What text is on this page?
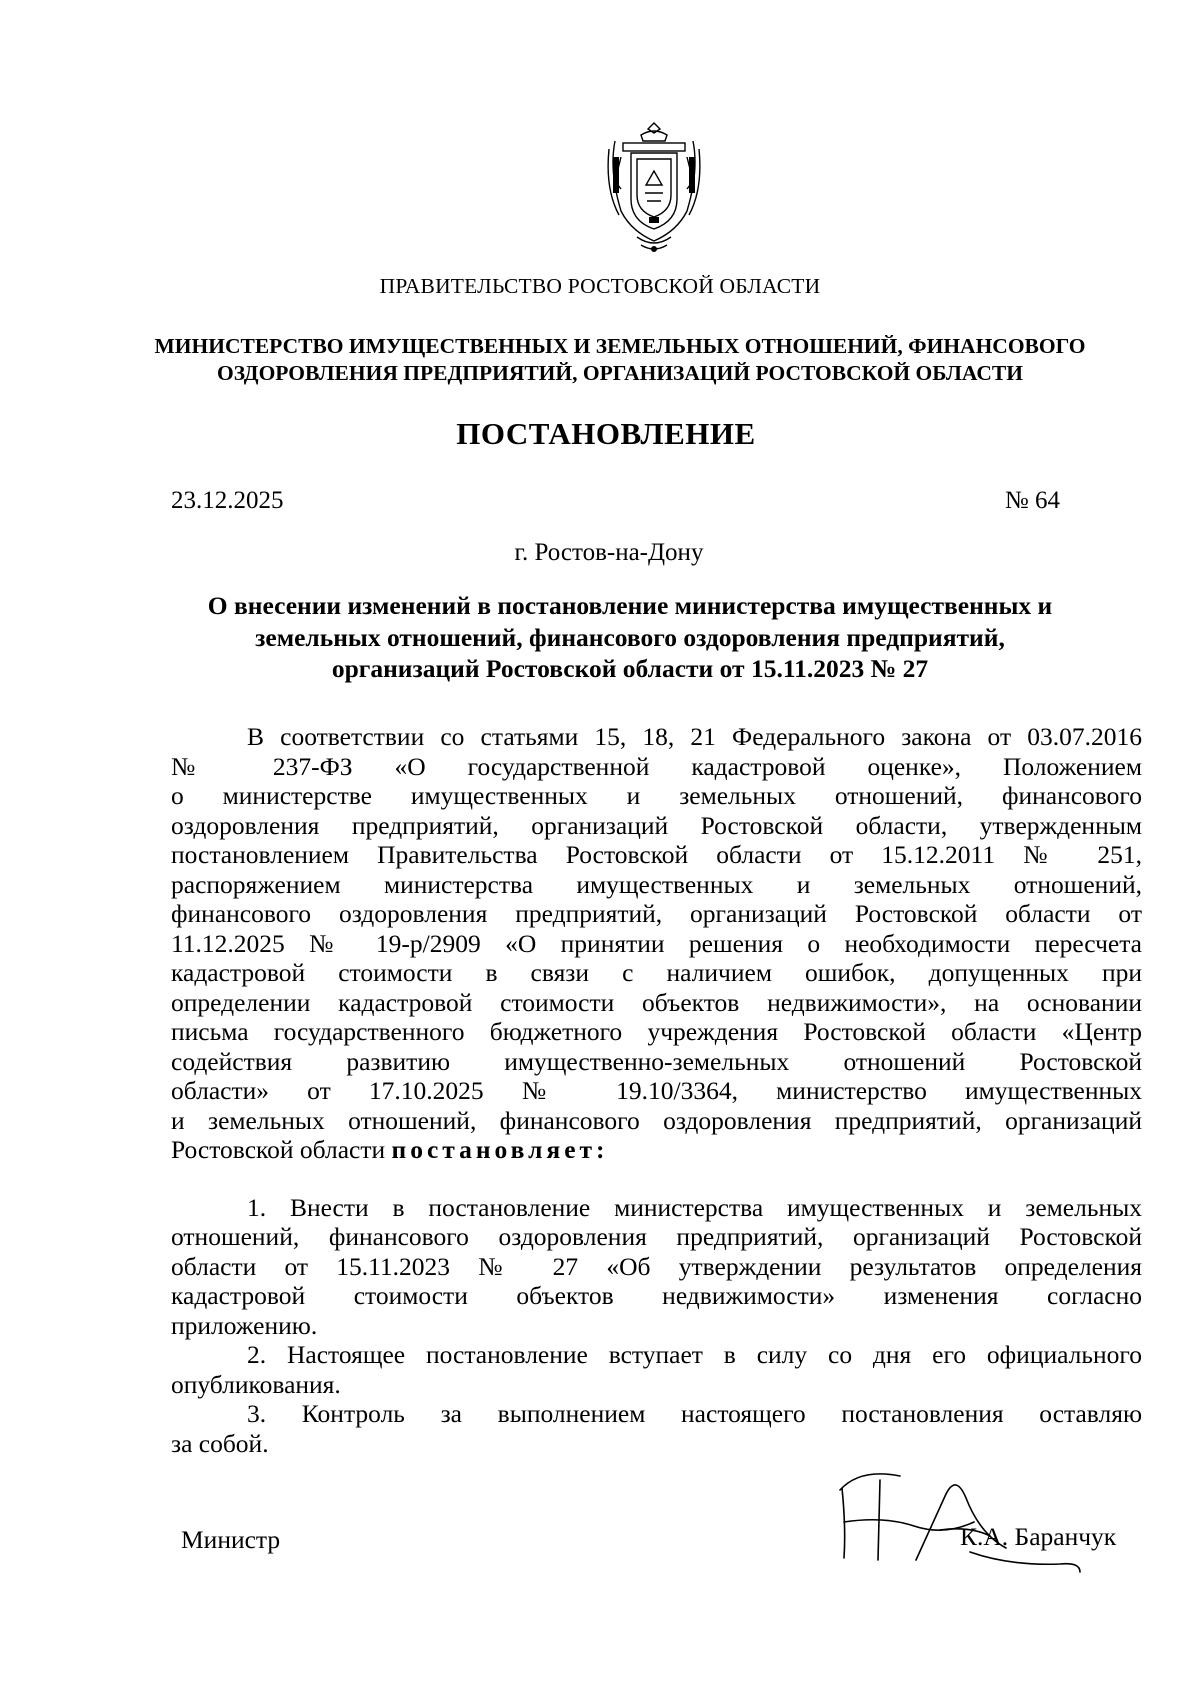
ПРАВИТЕЛЬСТВО РОСТОВСКОЙ ОБЛАСТИ
МИНИСТЕРСТВО ИМУЩЕСТВЕННЫХ И ЗЕМЕЛЬНЫХ ОТНОШЕНИЙ, ФИНАНСОВОГО
ОЗДОРОВЛЕНИЯ ПРЕДПРИЯТИЙ, ОРГАНИЗАЦИЙ РОСТОВСКОЙ ОБЛАСТИ
ПОСТАНОВЛЕНИЕ
23.12.2025	№ 64
г. Ростов-на-Дону
О внесении изменений в постановление министерства имущественных и
земельных отношений, финансового оздоровления предприятий,
организаций Ростовской области от 15.11.2023 № 27
В соответствии со статьями 15, 18, 21 Федерального закона от 03.07.2016
№ 237-ФЗ «О государственной кадастровой оценке», Положением
о министерстве имущественных и земельных отношений, финансового
оздоровления предприятий, организаций Ростовской области, утвержденным
постановлением Правительства Ростовской области от 15.12.2011 № 251,
распоряжением министерства имущественных и земельных отношений,
финансового оздоровления предприятий, организаций Ростовской области от
11.12.2025 № 19-р/2909 «О принятии решения о необходимости пересчета
кадастровой стоимости в связи с наличием ошибок, допущенных при
определении кадастровой стоимости объектов недвижимости», на основании
письма государственного бюджетного учреждения Ростовской области «Центр
содействия развитию имущественно-земельных отношений Ростовской
области» от 17.10.2025 № 19.10/3364, министерство имущественных
и земельных отношений, финансового оздоровления предприятий, организаций
Ростовской области постановляет:
1. Внести в постановление министерства имущественных и земельных
отношений, финансового оздоровления предприятий, организаций Ростовской
области от 15.11.2023 № 27 «Об утверждении результатов определения
кадастровой стоимости объектов недвижимости» изменения согласно
приложению.
2. Настоящее постановление вступает в силу со дня его официального
опубликования.
3. Контроль за выполнением настоящего постановления оставляю
за собой.
Министр	К.А. Баранчук
